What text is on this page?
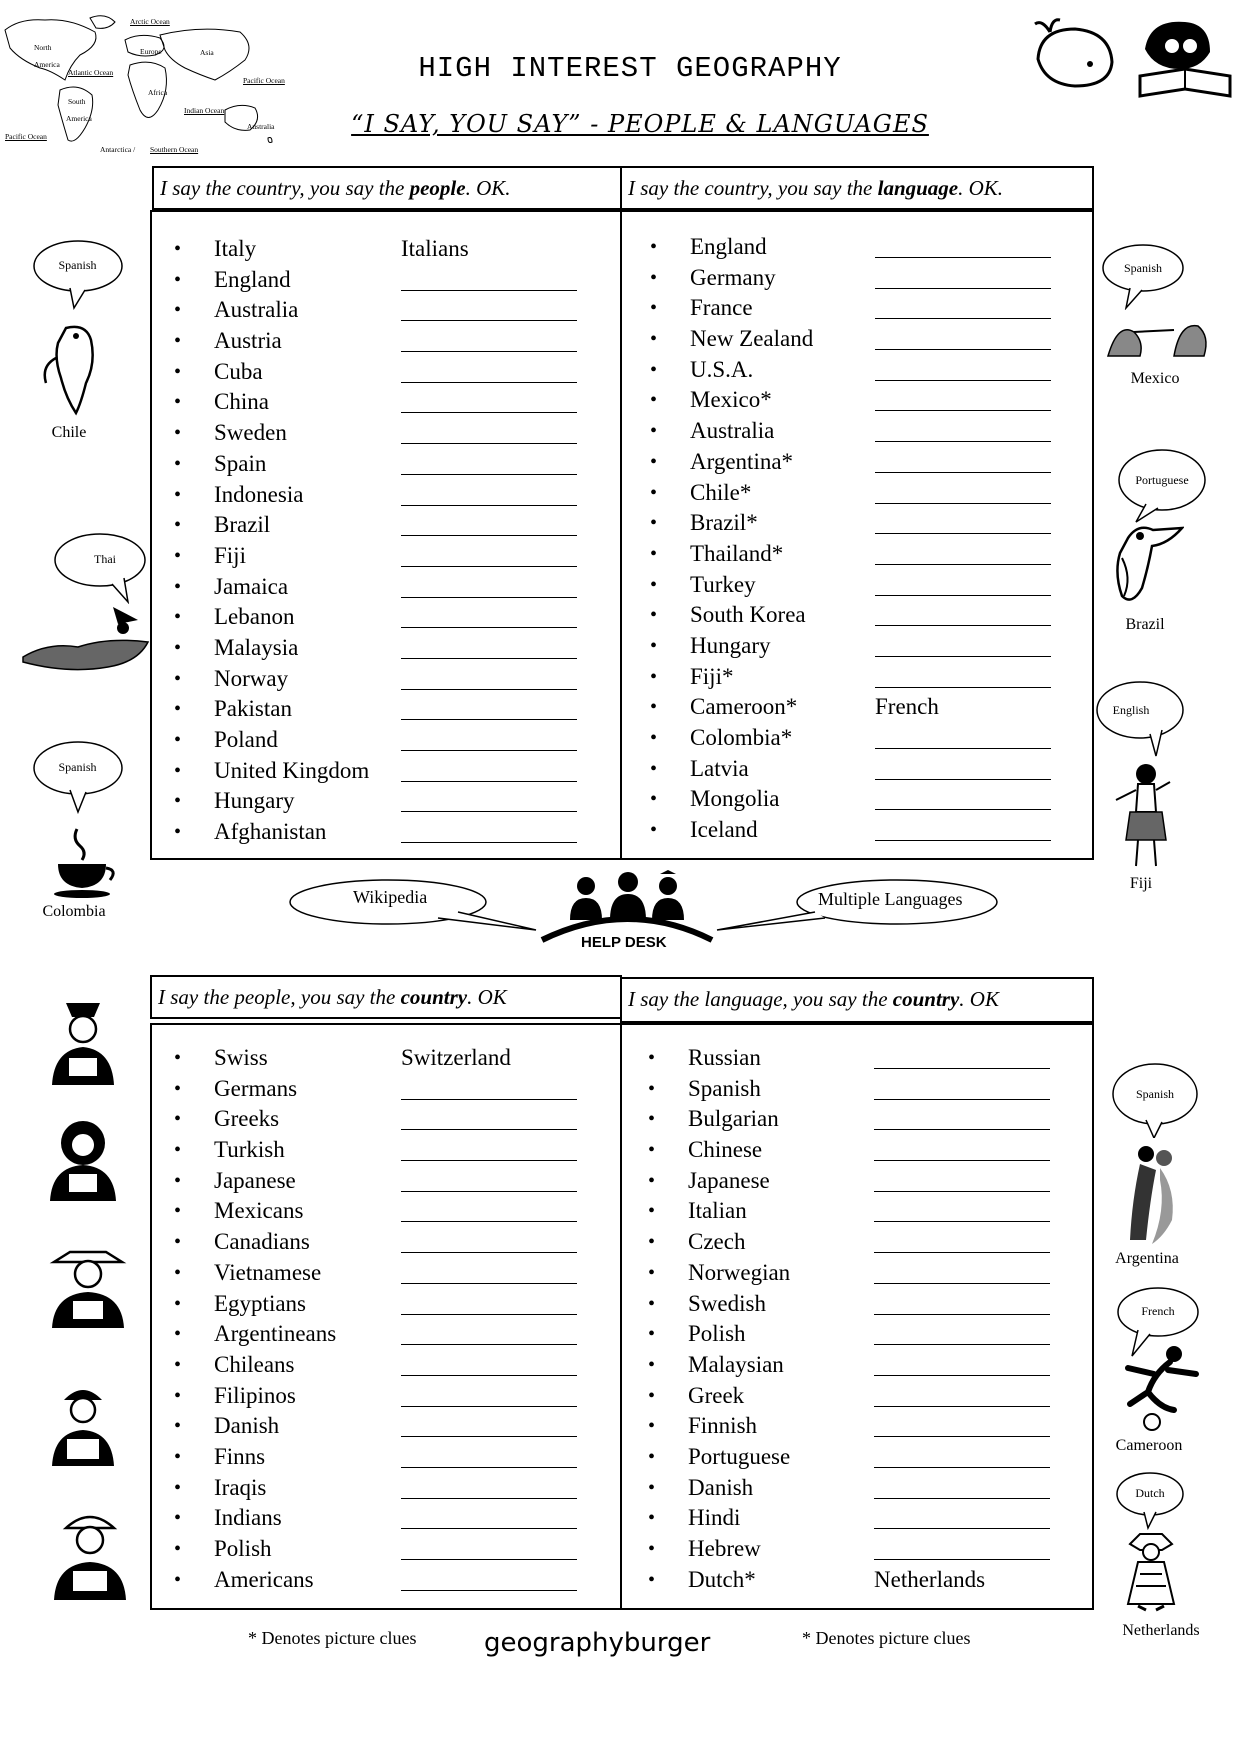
Arctic Ocean
North
America
Europe	Asia
Atlantic Ocean
Africa
Pacific Ocean
South
America
Indian Ocean
Australia
Pacific Ocean
Antarctica / Southern Ocean
HIGH INTEREST GEOGRAPHY
“I SAY, YOU SAY” - PEOPLE & LANGUAGES
I say the country, you say the people. OK.	I say the country, you say the language. OK.
Italy	Italians
England
Australia
Austria
Cuba
China
Sweden
Spain
Indonesia
Brazil
Fiji
Jamaica
Lebanon
Malaysia
Norway
Pakistan
Poland
United Kingdom
Hungary
Afghanistan
England
Germany
France
New Zealand
U.S.A.
Mexico*
Australia
Argentina*
Chile*
Brazil*
Thailand*
Turkey
South Korea
Hungary
Fiji*
Cameroon*	French
Colombia*
Latvia
Mongolia
Iceland
Wikipedia
HELP DESK
Multiple Languages
I say the people, you say the country. OK	I say the language, you say the country. OK
Swiss	Switzerland
Germans
Greeks
Turkish
Japanese
Mexicans
Canadians
Vietnamese
Egyptians
Argentineans
Chileans
Filipinos
Danish
Finns
Iraqis
Indians
Polish
Americans
Russian
Spanish
Bulgarian
Chinese
Japanese
Italian
Czech
Norwegian
Swedish
Polish
Malaysian
Greek
Finnish
Portuguese
Danish
Hindi
Hebrew
Dutch*	Netherlands
* Denotes picture clues	geographyburger	* Denotes picture clues
Spanish
Chile
Thai
Spanish
Colombia
Spanish
Mexico
Portuguese
Brazil
English
Fiji
Spanish
Argentina
French
Cameroon
Dutch
Netherlands
